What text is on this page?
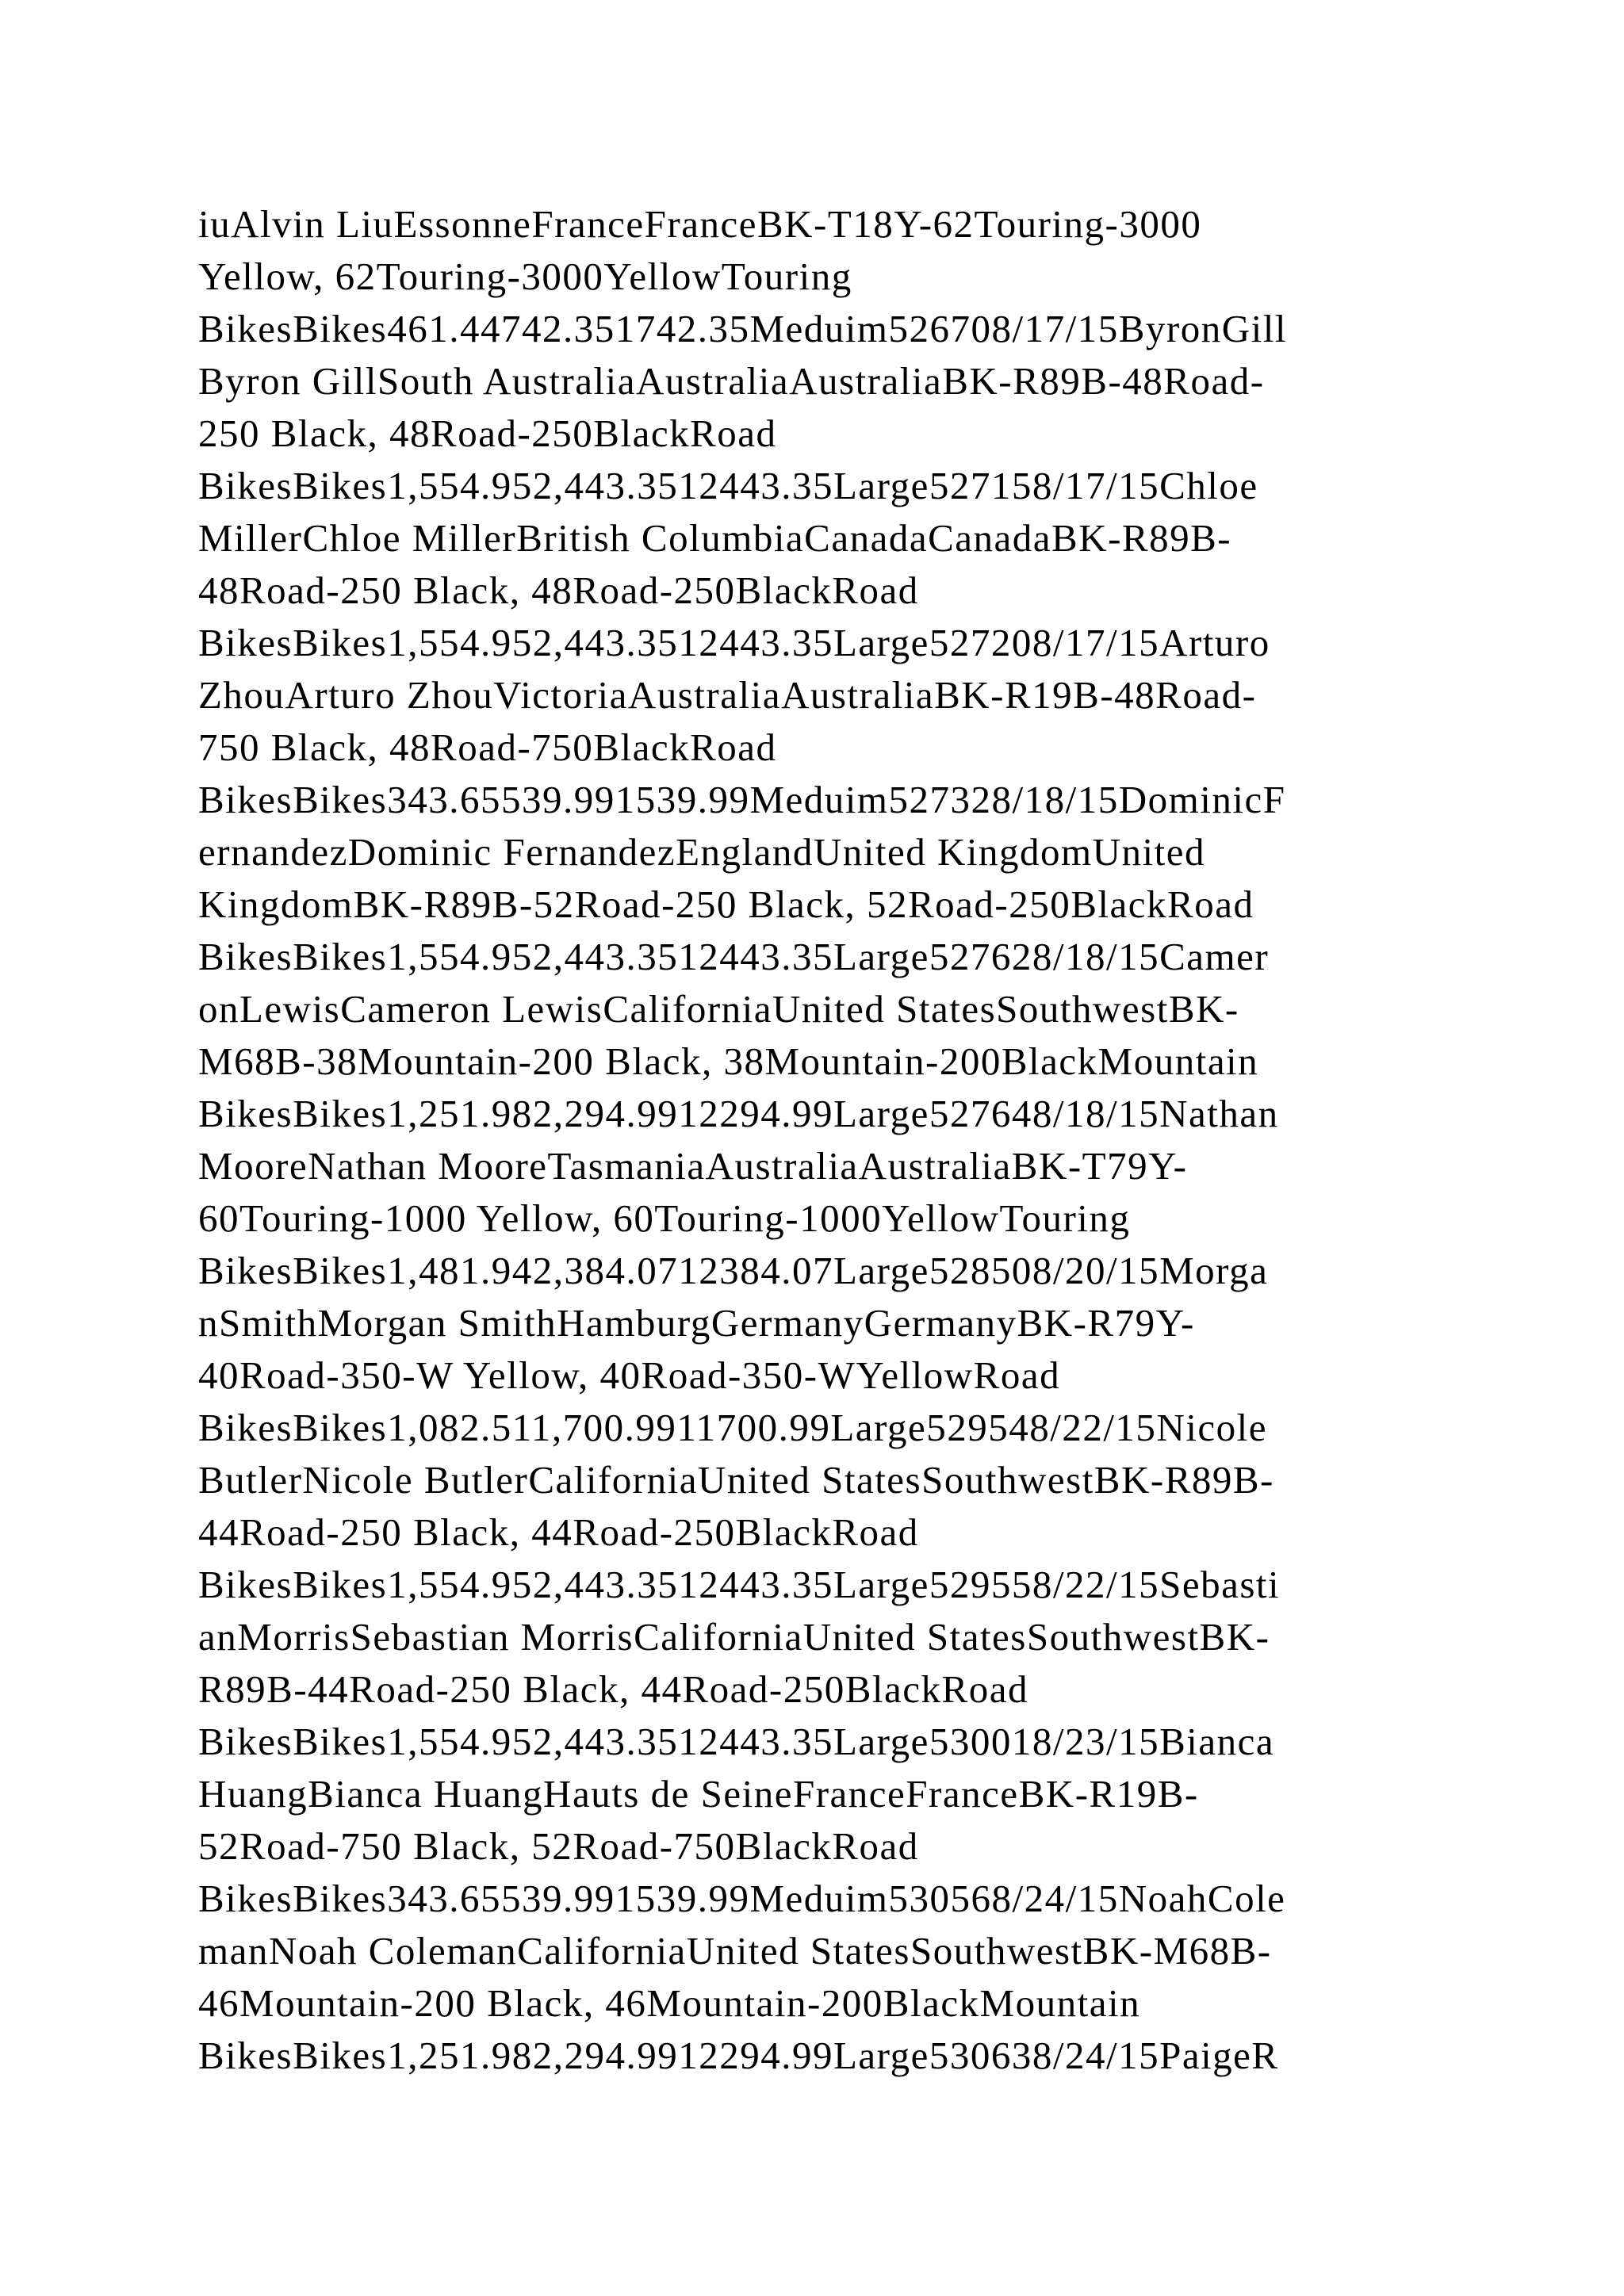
iuAlvin LiuEssonneFranceFranceBK-T18Y-62Touring-3000
Yellow, 62Touring-3000YellowTouring
BikesBikes461.44742.351742.35Meduim526708/17/15ByronGill
Byron GillSouth AustraliaAustraliaAustraliaBK-R89B-48Road-
250 Black, 48Road-250BlackRoad
BikesBikes1,554.952,443.3512443.35Large527158/17/15Chloe
MillerChloe MillerBritish ColumbiaCanadaCanadaBK-R89B-
48Road-250 Black, 48Road-250BlackRoad
BikesBikes1,554.952,443.3512443.35Large527208/17/15Arturo
ZhouArturo ZhouVictoriaAustraliaAustraliaBK-R19B-48Road-
750 Black, 48Road-750BlackRoad
BikesBikes343.65539.991539.99Meduim527328/18/15DominicF
ernandezDominic FernandezEnglandUnited KingdomUnited
KingdomBK-R89B-52Road-250 Black, 52Road-250BlackRoad
BikesBikes1,554.952,443.3512443.35Large527628/18/15Camer
onLewisCameron LewisCaliforniaUnited StatesSouthwestBK-
M68B-38Mountain-200 Black, 38Mountain-200BlackMountain
BikesBikes1,251.982,294.9912294.99Large527648/18/15Nathan
MooreNathan MooreTasmaniaAustraliaAustraliaBK-T79Y-
60Touring-1000 Yellow, 60Touring-1000YellowTouring
BikesBikes1,481.942,384.0712384.07Large528508/20/15Morga
nSmithMorgan SmithHamburgGermanyGermanyBK-R79Y-
40Road-350-W Yellow, 40Road-350-WYellowRoad
BikesBikes1,082.511,700.9911700.99Large529548/22/15Nicole
ButlerNicole ButlerCaliforniaUnited StatesSouthwestBK-R89B-
44Road-250 Black, 44Road-250BlackRoad
BikesBikes1,554.952,443.3512443.35Large529558/22/15Sebasti
anMorrisSebastian MorrisCaliforniaUnited StatesSouthwestBK-
R89B-44Road-250 Black, 44Road-250BlackRoad
BikesBikes1,554.952,443.3512443.35Large530018/23/15Bianca
HuangBianca HuangHauts de SeineFranceFranceBK-R19B-
52Road-750 Black, 52Road-750BlackRoad
BikesBikes343.65539.991539.99Meduim530568/24/15NoahCole
manNoah ColemanCaliforniaUnited StatesSouthwestBK-M68B-
46Mountain-200 Black, 46Mountain-200BlackMountain
BikesBikes1,251.982,294.9912294.99Large530638/24/15PaigeR
